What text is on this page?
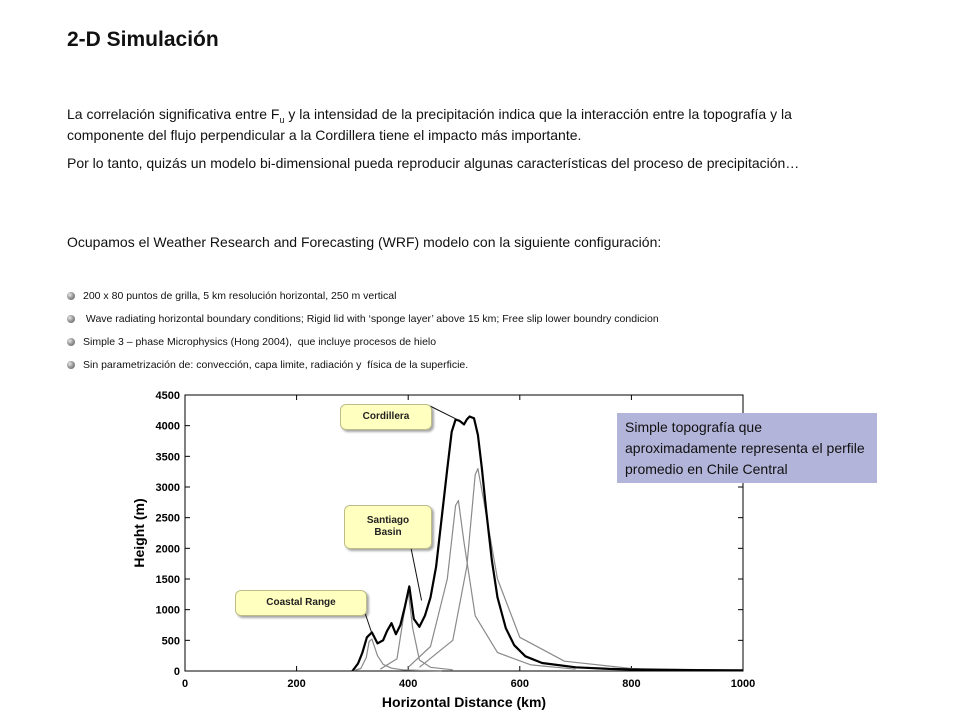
2-D Simulación
La correlación significativa entre $F_u$ y la intensidad de la precipitación indica que la interacción entre la topografía y la componente del flujo perpendicular a la Cordillera tiene el impacto más importante.
Por lo tanto, quizás un modelo bi-dimensional pueda reproducir algunas características del proceso de precipitación…
Ocupamos el Weather Research and Forecasting (WRF) modelo con la siguiente configuración:
200 x 80 puntos de grilla, 5 km resolución horizontal, 250 m vertical
Wave radiating horizontal boundary conditions; Rigid lid with ‘sponge layer’ above 15 km; Free slip lower boundry condicion
Simple 3 – phase Microphysics (Hong 2004),  que incluye procesos de hielo
Sin parametrización de: convección, capa limite, radiación y  física de la superficie.
0	200	400	600	800	1000
0
500
1000
1500
2000
2500
3000
3500
4000
4500
Horizontal Distance (km)
Height (m)
Cordillera
Santiago
Basin
Coastal Range
Simple topografía que aproximadamente representa el perfile promedio en Chile Central
